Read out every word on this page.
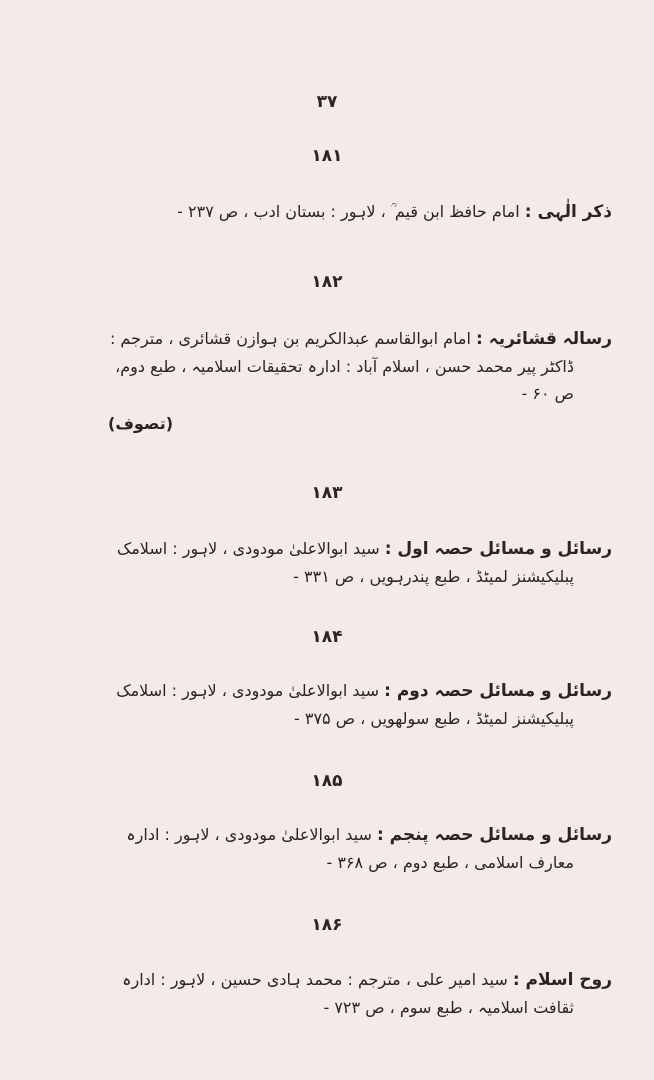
۳۷
۱۸۱

ذکر الٰہی : امام حافظ ابن قیم ؒ ، لاہور : بستان ادب ، ص ۲۳۷ -

۱۸۲

رسالہ قشائریہ : امام ابوالقاسم عبدالکریم بن ہوازن قشائری ، مترجم :

ڈاکٹر پیر محمد حسن ، اسلام آباد : ادارہ تحقیقات اسلامیہ ، طبع دوم،

ص ۶۰ -

(تصوف)
۱۸۳

رسائل و مسائل حصہ اول : سید ابوالاعلیٰ مودودی ، لاہور : اسلامک

پبلیکیشنز لمیٹڈ ، طبع پندرہویں ، ص ۳۳۱ -

۱۸۴

رسائل و مسائل حصہ دوم : سید ابوالاعلیٰ مودودی ، لاہور : اسلامک

پبلیکیشنز لمیٹڈ ، طبع سولھویں ، ص ۳۷۵ -

۱۸۵

رسائل و مسائل حصہ پنجم : سید ابوالاعلیٰ مودودی ، لاہور : ادارہ

معارف اسلامی ، طبع دوم ، ص ۳۶۸ -

۱۸۶

روح اسلام : سید امیر علی ، مترجم : محمد ہادی حسین ، لاہور : ادارہ

ثقافت اسلامیہ ، طبع سوم ، ص ۷۲۳ -
